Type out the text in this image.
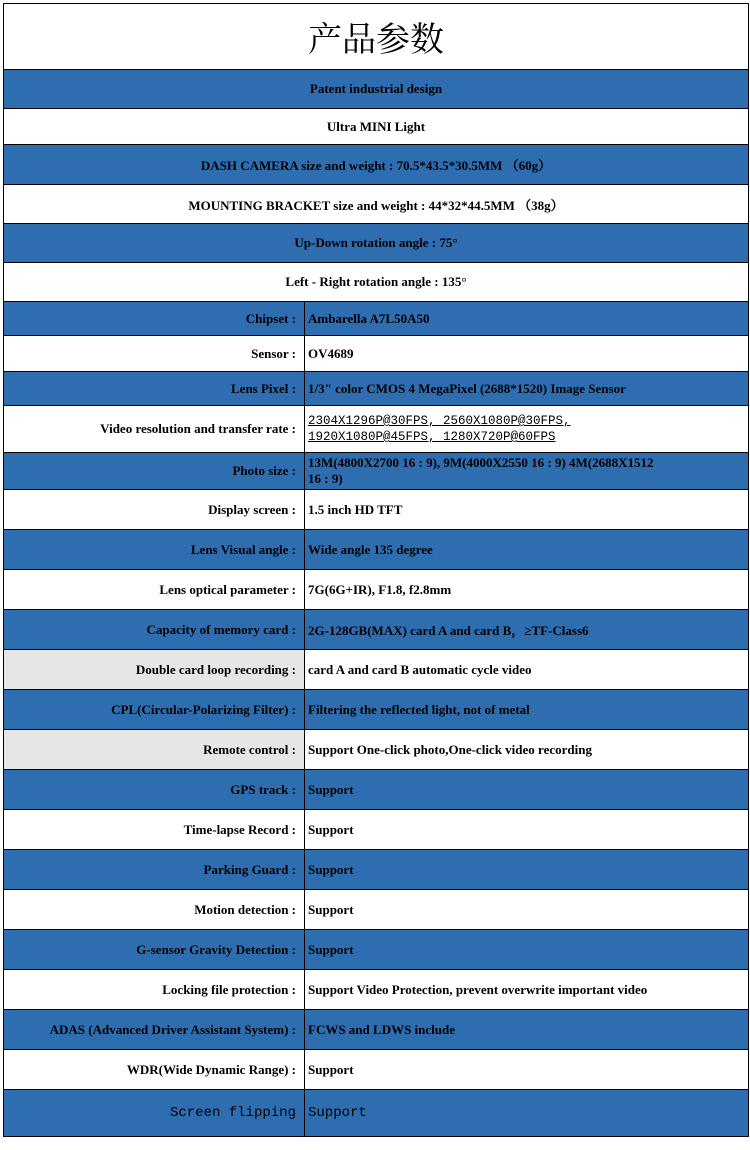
产品参数
Patent industrial design
Ultra MINI Light
DASH CAMERA size and weight : 70.5*43.5*30.5MM （60g）
MOUNTING BRACKET size and weight : 44*32*44.5MM （38g）
Up-Down rotation angle : 75°
Left - Right rotation angle : 135°
Chipset : Ambarella A7L50A50
Sensor : OV4689
Lens Pixel : 1/3" color CMOS 4 MegaPixel (2688*1520) Image Sensor
Video resolution and transfer rate : 2304X1296P@30FPS, 2560X1080P@30FPS,
1920X1080P@45FPS, 1280X720P@60FPS
Photo size :
13M(4800X2700 16 : 9), 9M(4000X2550 16 : 9) 4M(2688X1512
16 : 9)
Display screen : 1.5 inch HD TFT
Lens Visual angle : Wide angle 135 degree
Lens optical parameter : 7G(6G+IR), F1.8, f2.8mm
Capacity of memory card : 2G-128GB(MAX) card A and card B，≥TF-Class6
Double card loop recording : card A and card B automatic cycle video
CPL(Circular-Polarizing Filter) : Filtering the reflected light, not of metal
Remote control : Support One-click photo,One-click video recording
GPS track : Support
Time-lapse Record : Support
Parking Guard : Support
Motion detection : Support
G-sensor Gravity Detection : Support
Locking file protection : Support Video Protection, prevent overwrite important video
ADAS (Advanced Driver Assistant System) : FCWS and LDWS include
WDR(Wide Dynamic Range) : Support
Screen flipping Support
